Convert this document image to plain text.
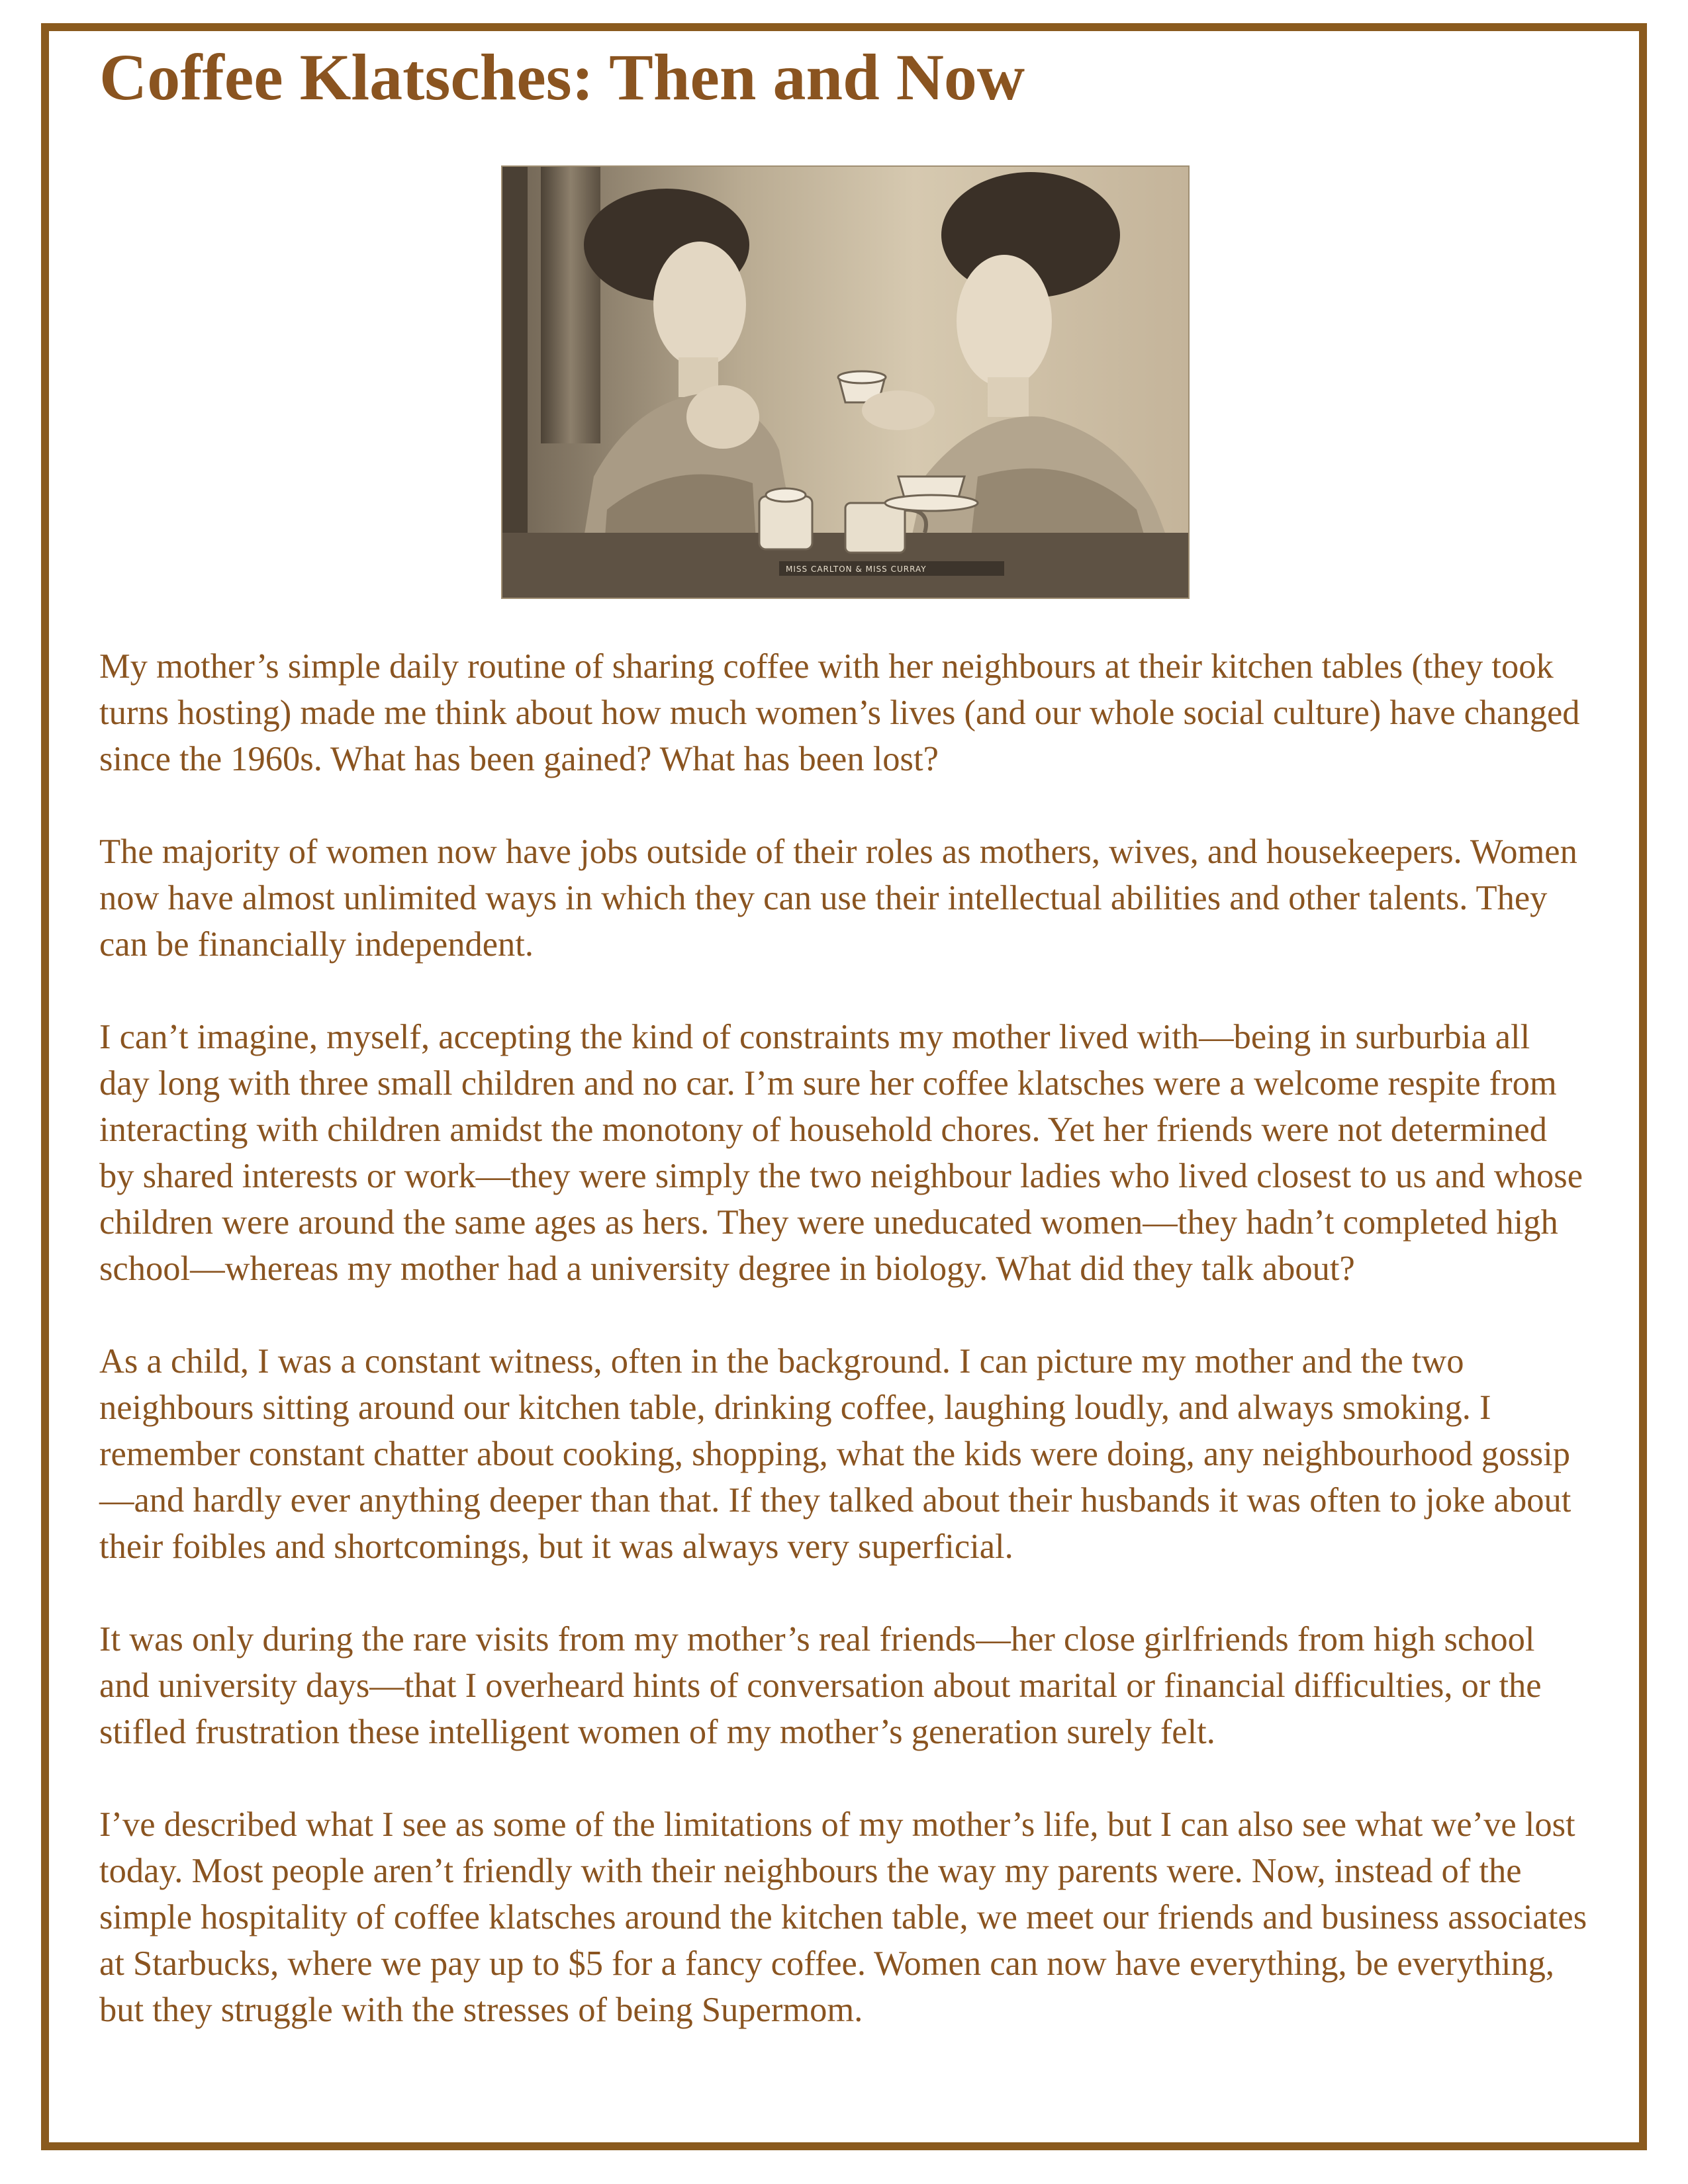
Coffee Klatsches: Then and Now
MISS CARLTON & MISS CURRAY

My mother’s simple daily routine of sharing coffee with her neighbours at their kitchen tables (they took turns hosting) made me think about how much women’s lives (and our whole social culture) have changed since the 1960s. What has been gained? What has been lost?

The majority of women now have jobs outside of their roles as mothers, wives, and housekeepers. Women now have almost unlimited ways in which they can use their intellectual abilities and other talents. They can be financially independent.

I can’t imagine, myself, accepting the kind of constraints my mother lived with—being in surburbia all day long with three small children and no car. I’m sure her coffee klatsches were a welcome respite from interacting with children amidst the monotony of household chores. Yet her friends were not determined by shared interests or work—they were simply the two neighbour ladies who lived closest to us and whose children were around the same ages as hers. They were uneducated women—they hadn’t completed high school—whereas my mother had a university degree in biology. What did they talk about?

As a child, I was a constant witness, often in the background. I can picture my mother and the two neighbours sitting around our kitchen table, drinking coffee, laughing loudly, and always smoking. I remember constant chatter about cooking, shopping, what the kids were doing, any neighbourhood gossip—and hardly ever anything deeper than that. If they talked about their husbands it was often to joke about their foibles and shortcomings, but it was always very superficial.

It was only during the rare visits from my mother’s real friends—her close girlfriends from high school and university days—that I overheard hints of conversation about marital or financial difficulties, or the stifled frustration these intelligent women of my mother’s generation surely felt.

I’ve described what I see as some of the limitations of my mother’s life, but I can also see what we’ve lost today. Most people aren’t friendly with their neighbours the way my parents were. Now, instead of the simple hospitality of coffee klatsches around the kitchen table, we meet our friends and business associates at Starbucks, where we pay up to $5 for a fancy coffee. Women can now have everything, be everything, but they struggle with the stresses of being Supermom.
